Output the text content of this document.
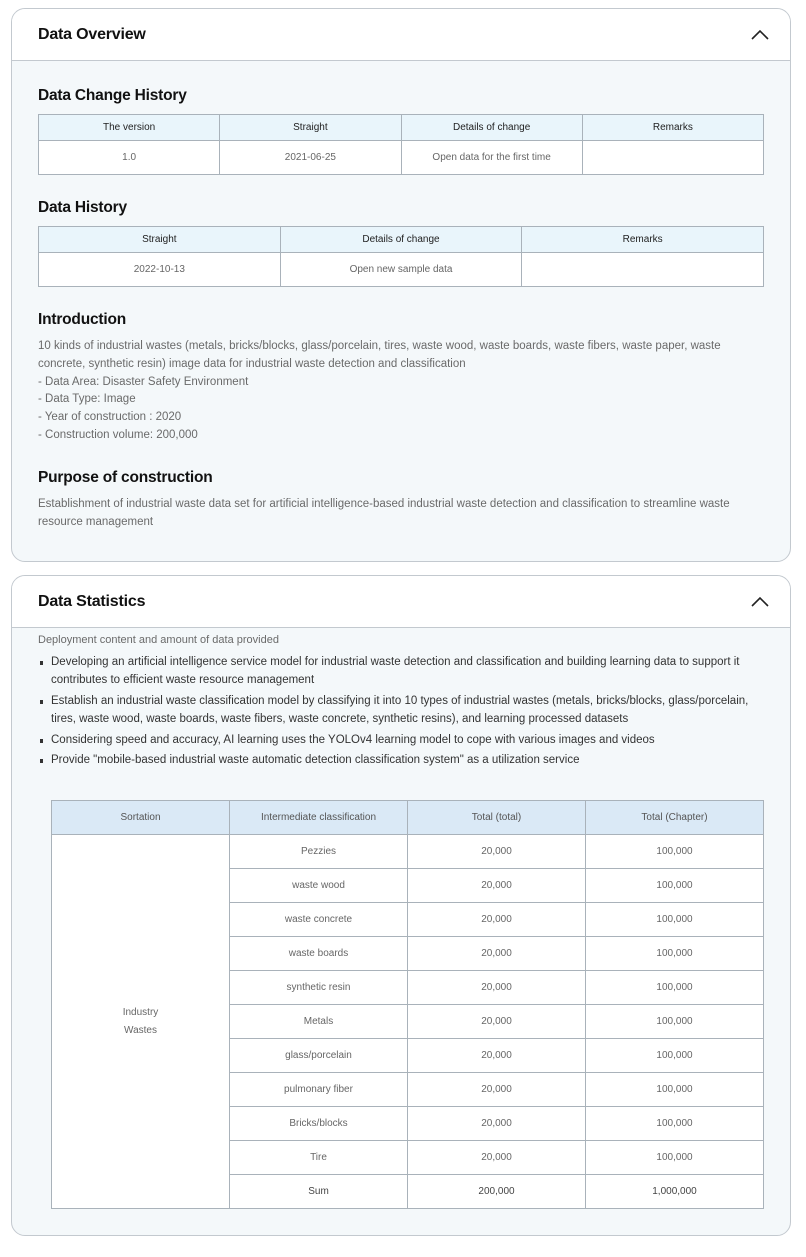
Data Overview
Data Change History
The version	Straight	Details of change	Remarks
1.0	2021-06-25	Open data for the first time	
Data History
Straight	Details of change	Remarks
2022-10-13	Open new sample data	
Introduction
10 kinds of industrial wastes (metals, bricks/blocks, glass/porcelain, tires, waste wood, waste boards, waste fibers, waste paper, waste concrete, synthetic resin) image data for industrial waste detection and classification
- Data Area: Disaster Safety Environment
- Data Type: Image
- Year of construction : 2020
- Construction volume: 200,000
Purpose of construction
Establishment of industrial waste data set for artificial intelligence-based industrial waste detection and classification to streamline waste resource management
Data Statistics
Deployment content and amount of data provided
Developing an artificial intelligence service model for industrial waste detection and classification and building learning data to support it contributes to efficient waste resource management
Establish an industrial waste classification model by classifying it into 10 types of industrial wastes (metals, bricks/blocks, glass/porcelain, tires, waste wood, waste boards, waste fibers, waste concrete, synthetic resins), and learning processed datasets
Considering speed and accuracy, AI learning uses the YOLOv4 learning model to cope with various images and videos
Provide "mobile-based industrial waste automatic detection classification system" as a utilization service
Sortation	Intermediate classification	Total (total)	Total (Chapter)

Industry
Wastes	Pezzies	20,000	100,000
	waste wood	20,000	100,000
	waste concrete	20,000	100,000
	waste boards	20,000	100,000
	synthetic resin	20,000	100,000
	Metals	20,000	100,000
	glass/porcelain	20,000	100,000
	pulmonary fiber	20,000	100,000
	Bricks/blocks	20,000	100,000
	Tire	20,000	100,000
	Sum	200,000	1,000,000
